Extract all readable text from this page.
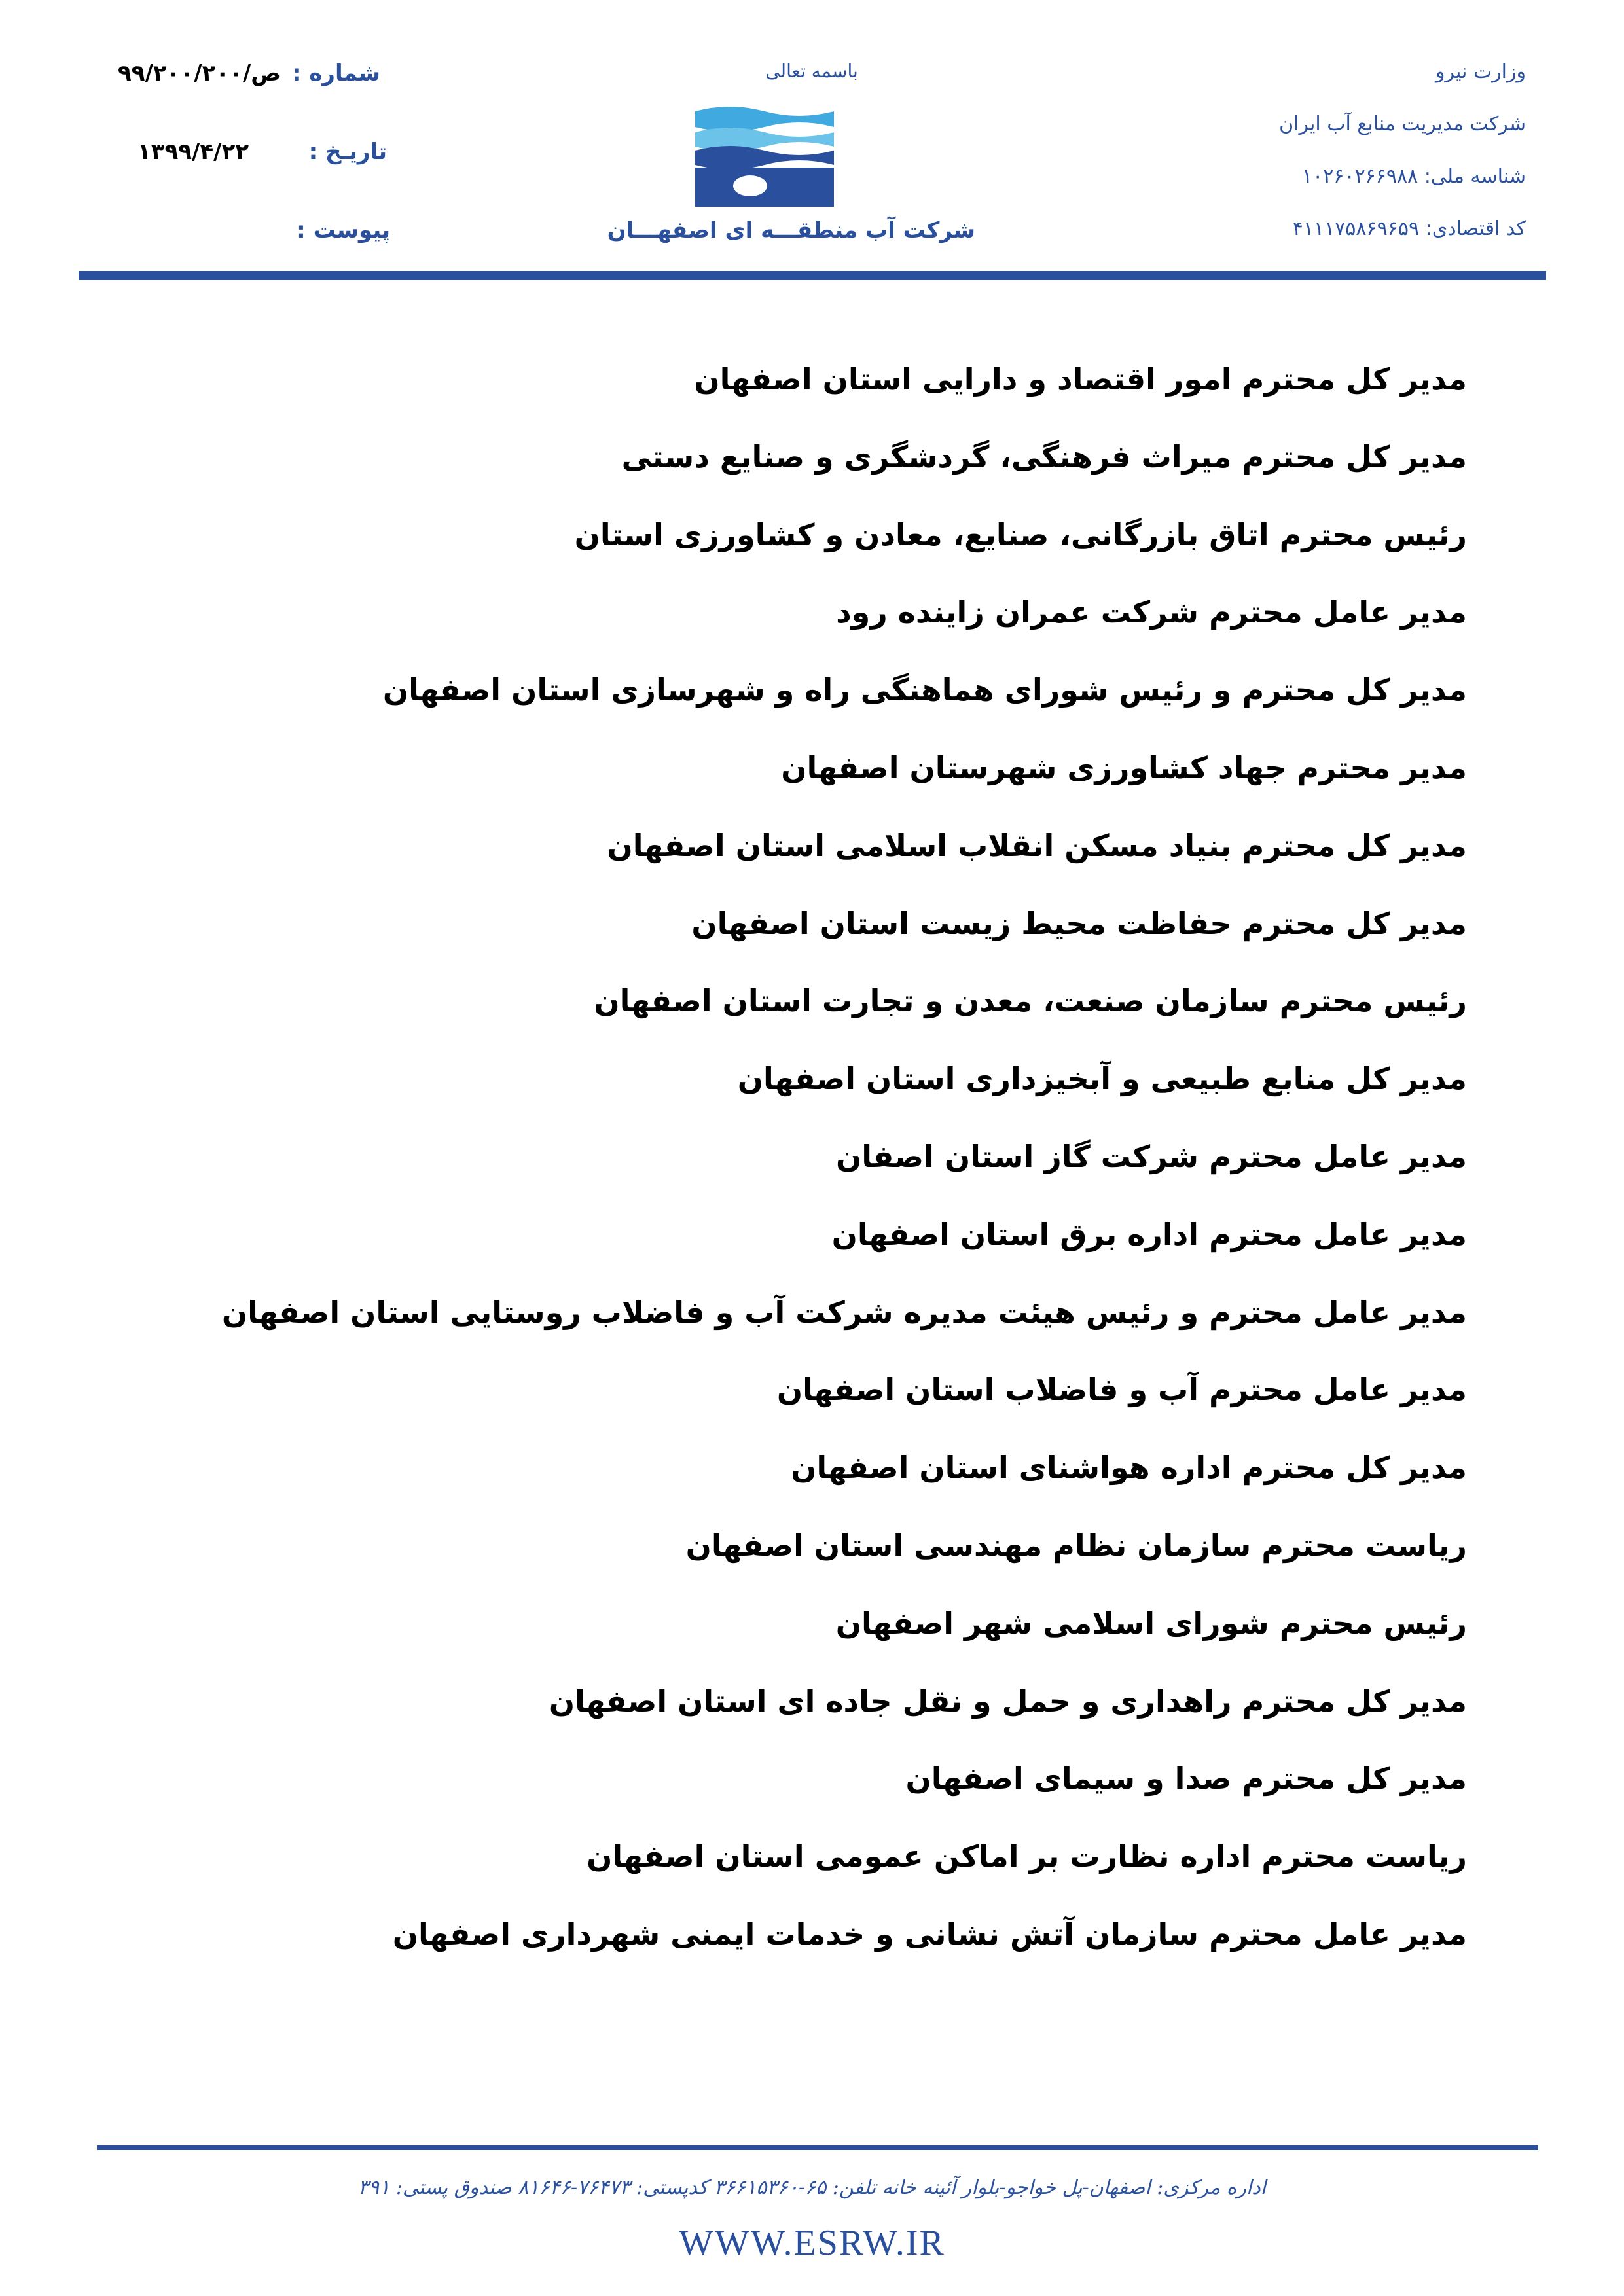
وزارت نیرو
شرکت مدیریت منابع آب ایران
شناسه ملی: ۱۰۲۶۰۲۶۶۹۸۸
کد اقتصادی: ۴۱۱۱۷۵۸۶۹۶۵۹
باسمه تعالی
شرکت آب منطقـــه ای اصفهـــان
شماره :
۹۹/۲۰۰/۲۰۰/ص
تاریـخ :
۱۳۹۹/۴/۲۲
پیوست :
مدیر کل محترم امور اقتصاد و دارایی استان اصفهان
مدیر کل محترم میراث فرهنگی، گردشگری و صنایع دستی
رئیس محترم اتاق بازرگانی، صنایع، معادن و کشاورزی استان
مدیر عامل محترم شرکت عمران زاینده رود
مدیر کل محترم و رئیس شورای هماهنگی راه و شهرسازی استان اصفهان
مدیر محترم جهاد کشاورزی شهرستان اصفهان
مدیر کل محترم بنیاد مسکن انقلاب اسلامی استان اصفهان
مدیر کل محترم حفاظت محیط زیست استان اصفهان
رئیس محترم سازمان صنعت، معدن و تجارت استان اصفهان
مدیر کل منابع طبیعی و آبخیزداری استان اصفهان
مدیر عامل محترم شرکت گاز استان اصفان
مدیر عامل محترم اداره برق استان اصفهان
مدیر عامل محترم و رئیس هیئت مدیره شرکت آب و فاضلاب روستایی استان اصفهان
مدیر عامل محترم آب و فاضلاب استان اصفهان
مدیر کل محترم اداره هواشنای استان اصفهان
ریاست محترم سازمان نظام مهندسی استان اصفهان
رئیس محترم شورای اسلامی شهر اصفهان
مدیر کل محترم راهداری و حمل و نقل جاده ای استان اصفهان
مدیر کل محترم صدا و سیمای اصفهان
ریاست محترم اداره نظارت بر اماکن عمومی استان اصفهان
مدیر عامل محترم سازمان آتش نشانی و خدمات ایمنی شهرداری اصفهان
اداره مرکزی: اصفهان-پل خواجو-بلوار آئینه خانه تلفن: ۶۵-۳۶۶۱۵۳۶۰ کدپستی: ۷۶۴۷۳-۸۱۶۴۶ صندوق پستی: ۳۹۱
WWW.ESRW.IR
